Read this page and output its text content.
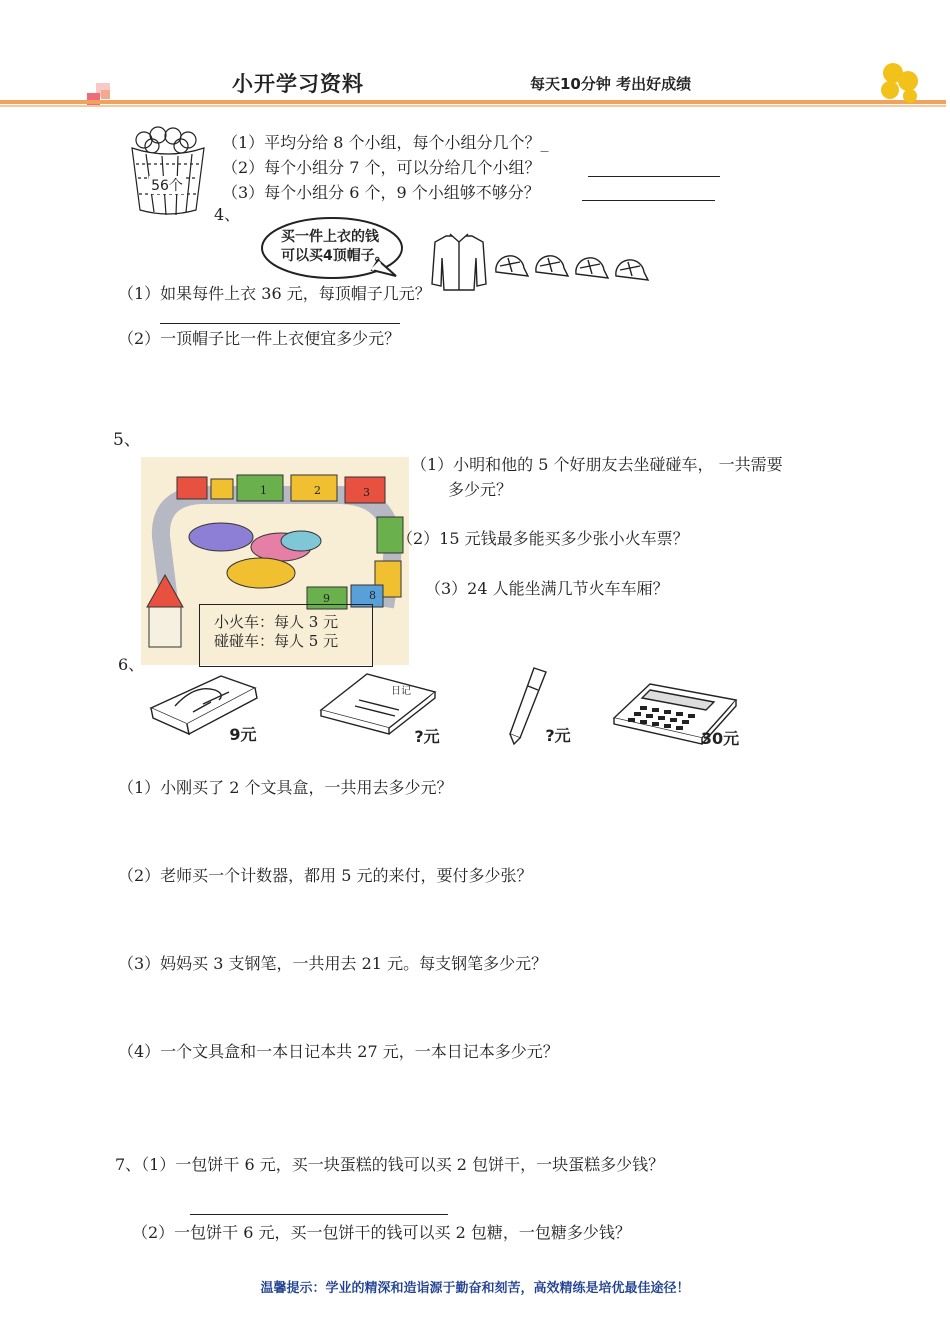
小开学习资料	每天10分钟 考出好成绩
56个
（1）平均分给 8 个小组，每个小组分几个？_
（2）每个小组分 7 个，可以分给几个小组？
（3）每个小组分 6 个，9 个小组够不够分？
4、
（1）如果每件上衣 36 元，每顶帽子几元？
买一件上衣的钱
可以买4顶帽子。
（2）一顶帽子比一件上衣便宜多少元？
5、
1	2	3
8
9
小火车：每人 3 元
碰碰车：每人 5 元
（1）小明和他的 5 个好朋友去坐碰碰车， 一共需要
多少元？
（2）15 元钱最多能买多少张小火车票？
（3）24 人能坐满几节火车车厢？
6、
9元
日记
?元	?元	30元
（1）小刚买了 2 个文具盒，一共用去多少元？
（2）老师买一个计数器，都用 5 元的来付，要付多少张？
（3）妈妈买 3 支钢笔，一共用去 21 元。每支钢笔多少元？
（4）一个文具盒和一本日记本共 27 元，一本日记本多少元？
7、（1）一包饼干 6 元，买一块蛋糕的钱可以买 2 包饼干，一块蛋糕多少钱？
（2）一包饼干 6 元，买一包饼干的钱可以买 2 包糖，一包糖多少钱？
温馨提示：学业的精深和造诣源于勤奋和刻苦，高效精练是培优最佳途径！
